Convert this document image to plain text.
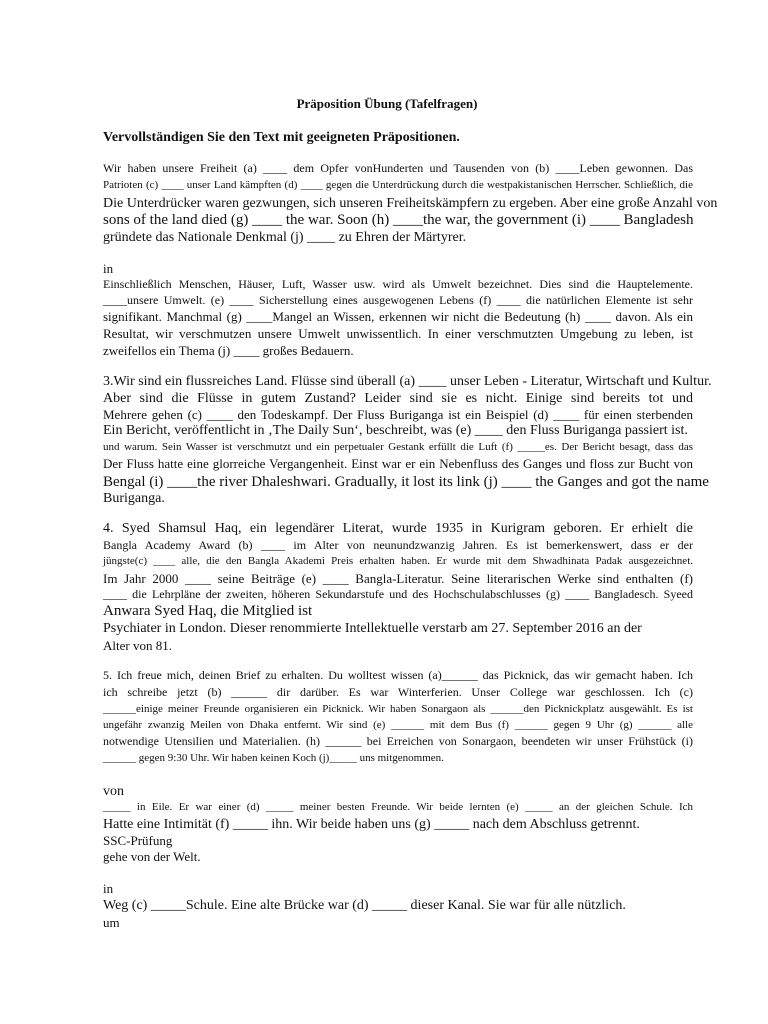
Präposition Übung (Tafelfragen)
Vervollständigen Sie den Text mit geeigneten Präpositionen.
Wir haben unsere Freiheit (a) ____ dem Opfer vonHunderten und Tausenden von (b) ____Leben gewonnen. Das
Patrioten (c) ____ unser Land kämpften (d) ____ gegen die Unterdrückung durch die westpakistanischen Herrscher. Schließlich, die
Die Unterdrücker waren gezwungen, sich unseren Freiheitskämpfern zu ergeben. Aber eine große Anzahl von
sons of the land died (g) ____ the war. Soon (h) ____the war, the government (i) ____ Bangladesh
gründete das Nationale Denkmal (j) ____ zu Ehren der Märtyrer.
in
Einschließlich Menschen, Häuser, Luft, Wasser usw. wird als Umwelt bezeichnet. Dies sind die Hauptelemente.
____unsere Umwelt. (e) ____ Sicherstellung eines ausgewogenen Lebens (f) ____ die natürlichen Elemente ist sehr
signifikant. Manchmal (g) ____Mangel an Wissen, erkennen wir nicht die Bedeutung (h) ____ davon. Als ein
Resultat, wir verschmutzen unsere Umwelt unwissentlich. In einer verschmutzten Umgebung zu leben, ist
zweifellos ein Thema (j) ____ großes Bedauern.
3.Wir sind ein flussreiches Land. Flüsse sind überall (a) ____ unser Leben - Literatur, Wirtschaft und Kultur.
Aber sind die Flüsse in gutem Zustand? Leider sind sie es nicht. Einige sind bereits tot und
Mehrere gehen (c) ____ den Todeskampf. Der Fluss Buriganga ist ein Beispiel (d) ____ für einen sterbenden
Ein Bericht, veröffentlicht in ‚The Daily Sun‘, beschreibt, was (e) ____ den Fluss Buriganga passiert ist.
und warum. Sein Wasser ist verschmutzt und ein perpetualer Gestank erfüllt die Luft (f) _____es. Der Bericht besagt, dass das
Der Fluss hatte eine glorreiche Vergangenheit. Einst war er ein Nebenfluss des Ganges und floss zur Bucht von
Bengal (i) ____the river Dhaleshwari. Gradually, it lost its link (j) ____ the Ganges and got the name
Buriganga.
4. Syed Shamsul Haq, ein legendärer Literat, wurde 1935 in Kurigram geboren. Er erhielt die
Bangla Academy Award (b) ____ im Alter von neunundzwanzig Jahren. Es ist bemerkenswert, dass er der
jüngste(c) ____ alle, die den Bangla Akademi Preis erhalten haben. Er wurde mit dem Shwadhinata Padak ausgezeichnet.
Im Jahr 2000 ____ seine Beiträge (e) ____ Bangla-Literatur. Seine literarischen Werke sind enthalten (f)
____ die Lehrpläne der zweiten, höheren Sekundarstufe und des Hochschulabschlusses (g) ____ Bangladesch. Syeed
Anwara Syed Haq, die Mitglied ist
Psychiater in London. Dieser renommierte Intellektuelle verstarb am 27. September 2016 an der
Alter von 81.
5. Ich freue mich, deinen Brief zu erhalten. Du wolltest wissen (a)______ das Picknick, das wir gemacht haben. Ich
ich schreibe jetzt (b) ______ dir darüber. Es war Winterferien. Unser College war geschlossen. Ich (c)
______einige meiner Freunde organisieren ein Picknick. Wir haben Sonargaon als ______den Picknickplatz ausgewählt. Es ist
ungefähr zwanzig Meilen von Dhaka entfernt. Wir sind (e) ______ mit dem Bus (f) ______ gegen 9 Uhr (g) ______ alle
notwendige Utensilien und Materialien. (h) ______ bei Erreichen von Sonargaon, beendeten wir unser Frühstück (i)
______ gegen 9:30 Uhr. Wir haben keinen Koch (j)_____ uns mitgenommen.
von
_____ in Eile. Er war einer (d) _____ meiner besten Freunde. Wir beide lernten (e) _____ an der gleichen Schule. Ich
Hatte eine Intimität (f) _____ ihn. Wir beide haben uns (g) _____ nach dem Abschluss getrennt.
SSC-Prüfung
gehe von der Welt.
in
Weg (c) _____Schule. Eine alte Brücke war (d) _____ dieser Kanal. Sie war für alle nützlich.
um
